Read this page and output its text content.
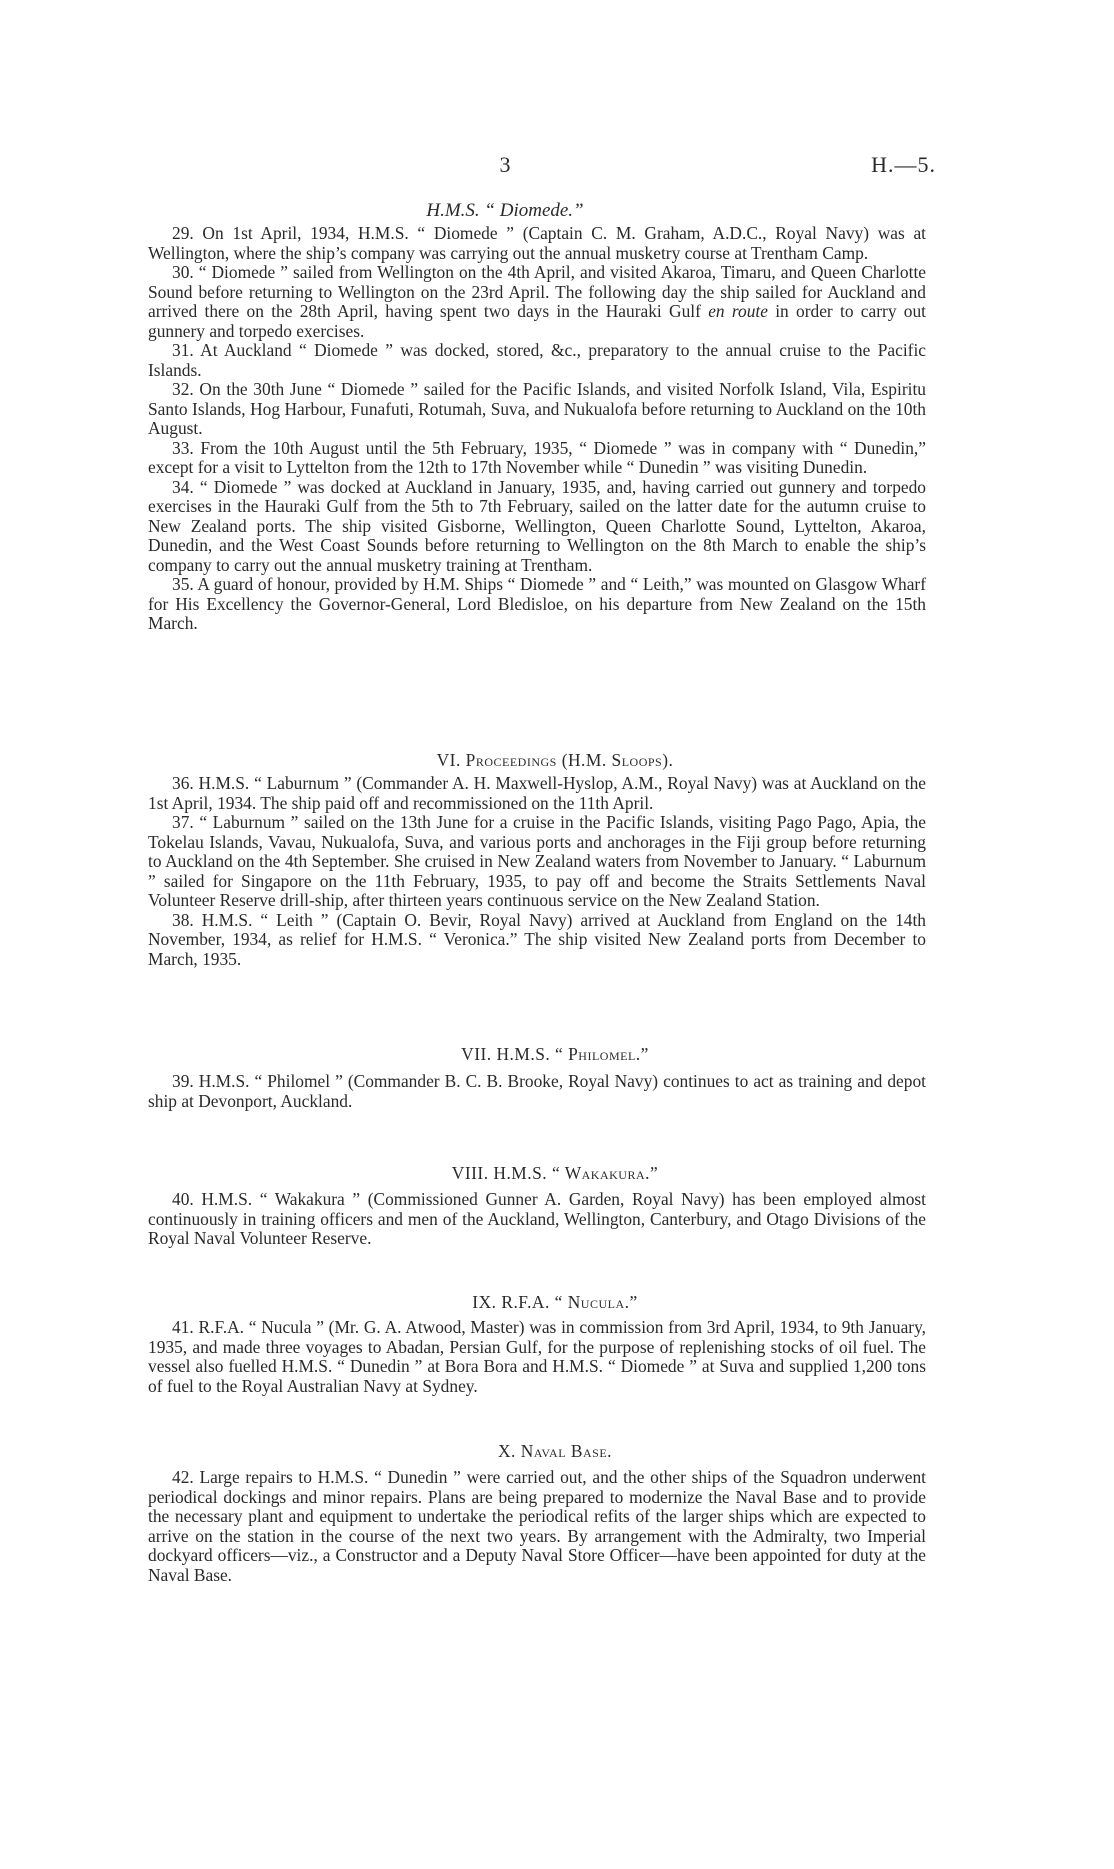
3	H.—5.
H.M.S. “ Diomede.”

29. On 1st April, 1934, H.M.S. “ Diomede ” (Captain C. M. Graham, A.D.C., Royal Navy) was at Wellington, where the ship’s company was carrying out the annual musketry course at Trentham Camp.

30. “ Diomede ” sailed from Wellington on the 4th April, and visited Akaroa, Timaru, and Queen Charlotte Sound before returning to Wellington on the 23rd April. The following day the ship sailed for Auckland and arrived there on the 28th April, having spent two days in the Hauraki Gulf en route in order to carry out gunnery and torpedo exercises.

31. At Auckland “ Diomede ” was docked, stored, &c., preparatory to the annual cruise to the Pacific Islands.

32. On the 30th June “ Diomede ” sailed for the Pacific Islands, and visited Norfolk Island, Vila, Espiritu Santo Islands, Hog Harbour, Funafuti, Rotumah, Suva, and Nukualofa before returning to Auckland on the 10th August.

33. From the 10th August until the 5th February, 1935, “ Diomede ” was in company with “ Dunedin,” except for a visit to Lyttelton from the 12th to 17th November while “ Dunedin ” was visiting Dunedin.

34. “ Diomede ” was docked at Auckland in January, 1935, and, having carried out gunnery and torpedo exercises in the Hauraki Gulf from the 5th to 7th February, sailed on the latter date for the autumn cruise to New Zealand ports. The ship visited Gisborne, Wellington, Queen Charlotte Sound, Lyttelton, Akaroa, Dunedin, and the West Coast Sounds before returning to Wellington on the 8th March to enable the ship’s company to carry out the annual musketry training at Trentham.

35. A guard of honour, provided by H.M. Ships “ Diomede ” and “ Leith,” was mounted on Glasgow Wharf for His Excellency the Governor-General, Lord Bledisloe, on his departure from New Zealand on the 15th March.

VI. Proceedings (H.M. Sloops).

36. H.M.S. “ Laburnum ” (Commander A. H. Maxwell-Hyslop, A.M., Royal Navy) was at Auckland on the 1st April, 1934. The ship paid off and recommissioned on the 11th April.

37. “ Laburnum ” sailed on the 13th June for a cruise in the Pacific Islands, visiting Pago Pago, Apia, the Tokelau Islands, Vavau, Nukualofa, Suva, and various ports and anchorages in the Fiji group before returning to Auckland on the 4th September. She cruised in New Zealand waters from November to January. “ Laburnum ” sailed for Singapore on the 11th February, 1935, to pay off and become the Straits Settlements Naval Volunteer Reserve drill-ship, after thirteen years continuous service on the New Zealand Station.

38. H.M.S. “ Leith ” (Captain O. Bevir, Royal Navy) arrived at Auckland from England on the 14th November, 1934, as relief for H.M.S. “ Veronica.” The ship visited New Zealand ports from December to March, 1935.

VII. H.M.S. “ Philomel.”

39. H.M.S. “ Philomel ” (Commander B. C. B. Brooke, Royal Navy) continues to act as training and depot ship at Devonport, Auckland.

VIII. H.M.S. “ Wakakura.”

40. H.M.S. “ Wakakura ” (Commissioned Gunner A. Garden, Royal Navy) has been employed almost continuously in training officers and men of the Auckland, Wellington, Canterbury, and Otago Divisions of the Royal Naval Volunteer Reserve.

IX. R.F.A. “ Nucula.”

41. R.F.A. “ Nucula ” (Mr. G. A. Atwood, Master) was in commission from 3rd April, 1934, to 9th January, 1935, and made three voyages to Abadan, Persian Gulf, for the purpose of replenishing stocks of oil fuel. The vessel also fuelled H.M.S. “ Dunedin ” at Bora Bora and H.M.S. “ Diomede ” at Suva and supplied 1,200 tons of fuel to the Royal Australian Navy at Sydney.

X. Naval Base.

42. Large repairs to H.M.S. “ Dunedin ” were carried out, and the other ships of the Squadron underwent periodical dockings and minor repairs. Plans are being prepared to modernize the Naval Base and to provide the necessary plant and equipment to undertake the periodical refits of the larger ships which are expected to arrive on the station in the course of the next two years. By arrangement with the Admiralty, two Imperial dockyard officers—viz., a Constructor and a Deputy Naval Store Officer—have been appointed for duty at the Naval Base.
